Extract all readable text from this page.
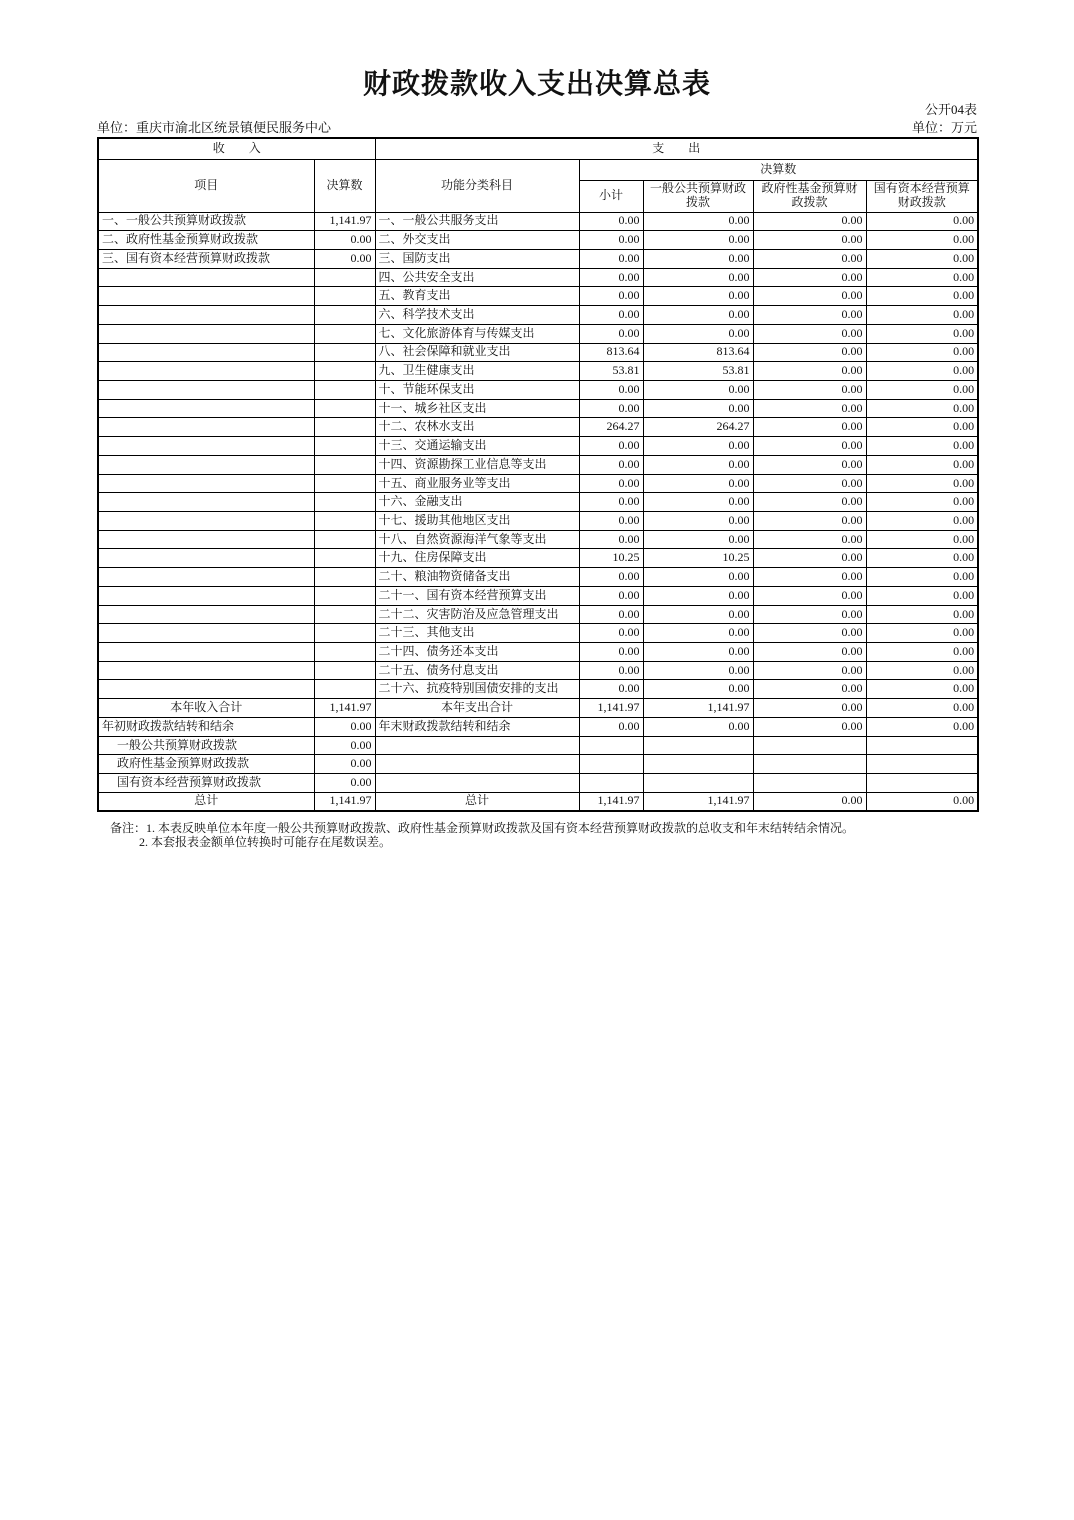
财政拨款收入支出决算总表
公开04表
单位：重庆市渝北区统景镇便民服务中心	单位：万元
收　　入		支　　出				
项目	决算数	功能分类科目	决算数			
			小计	一般公共预算财政拨款	政府性基金预算财政拨款	国有资本经营预算财政拨款
一、一般公共预算财政拨款	1,141.97	一、一般公共服务支出	0.00	0.00	0.00	0.00
二、政府性基金预算财政拨款	0.00	二、外交支出	0.00	0.00	0.00	0.00
三、国有资本经营预算财政拨款	0.00	三、国防支出	0.00	0.00	0.00	0.00
		四、公共安全支出	0.00	0.00	0.00	0.00
		五、教育支出	0.00	0.00	0.00	0.00
		六、科学技术支出	0.00	0.00	0.00	0.00
		七、文化旅游体育与传媒支出	0.00	0.00	0.00	0.00
		八、社会保障和就业支出	813.64	813.64	0.00	0.00
		九、卫生健康支出	53.81	53.81	0.00	0.00
		十、节能环保支出	0.00	0.00	0.00	0.00
		十一、城乡社区支出	0.00	0.00	0.00	0.00
		十二、农林水支出	264.27	264.27	0.00	0.00
		十三、交通运输支出	0.00	0.00	0.00	0.00
		十四、资源勘探工业信息等支出	0.00	0.00	0.00	0.00
		十五、商业服务业等支出	0.00	0.00	0.00	0.00
		十六、金融支出	0.00	0.00	0.00	0.00
		十七、援助其他地区支出	0.00	0.00	0.00	0.00
		十八、自然资源海洋气象等支出	0.00	0.00	0.00	0.00
		十九、住房保障支出	10.25	10.25	0.00	0.00
		二十、粮油物资储备支出	0.00	0.00	0.00	0.00
		二十一、国有资本经营预算支出	0.00	0.00	0.00	0.00
		二十二、灾害防治及应急管理支出	0.00	0.00	0.00	0.00
		二十三、其他支出	0.00	0.00	0.00	0.00
		二十四、债务还本支出	0.00	0.00	0.00	0.00
		二十五、债务付息支出	0.00	0.00	0.00	0.00
		二十六、抗疫特别国债安排的支出	0.00	0.00	0.00	0.00
本年收入合计	1,141.97	本年支出合计	1,141.97	1,141.97	0.00	0.00
年初财政拨款结转和结余	0.00	年末财政拨款结转和结余	0.00	0.00	0.00	0.00
一般公共预算财政拨款	0.00					
政府性基金预算财政拨款	0.00					
国有资本经营预算财政拨款	0.00					
总计	1,141.97	总计	1,141.97	1,141.97	0.00	0.00
备注：1. 本表反映单位本年度一般公共预算财政拨款、政府性基金预算财政拨款及国有资本经营预算财政拨款的总收支和年末结转结余情况。
2. 本套报表金额单位转换时可能存在尾数误差。
